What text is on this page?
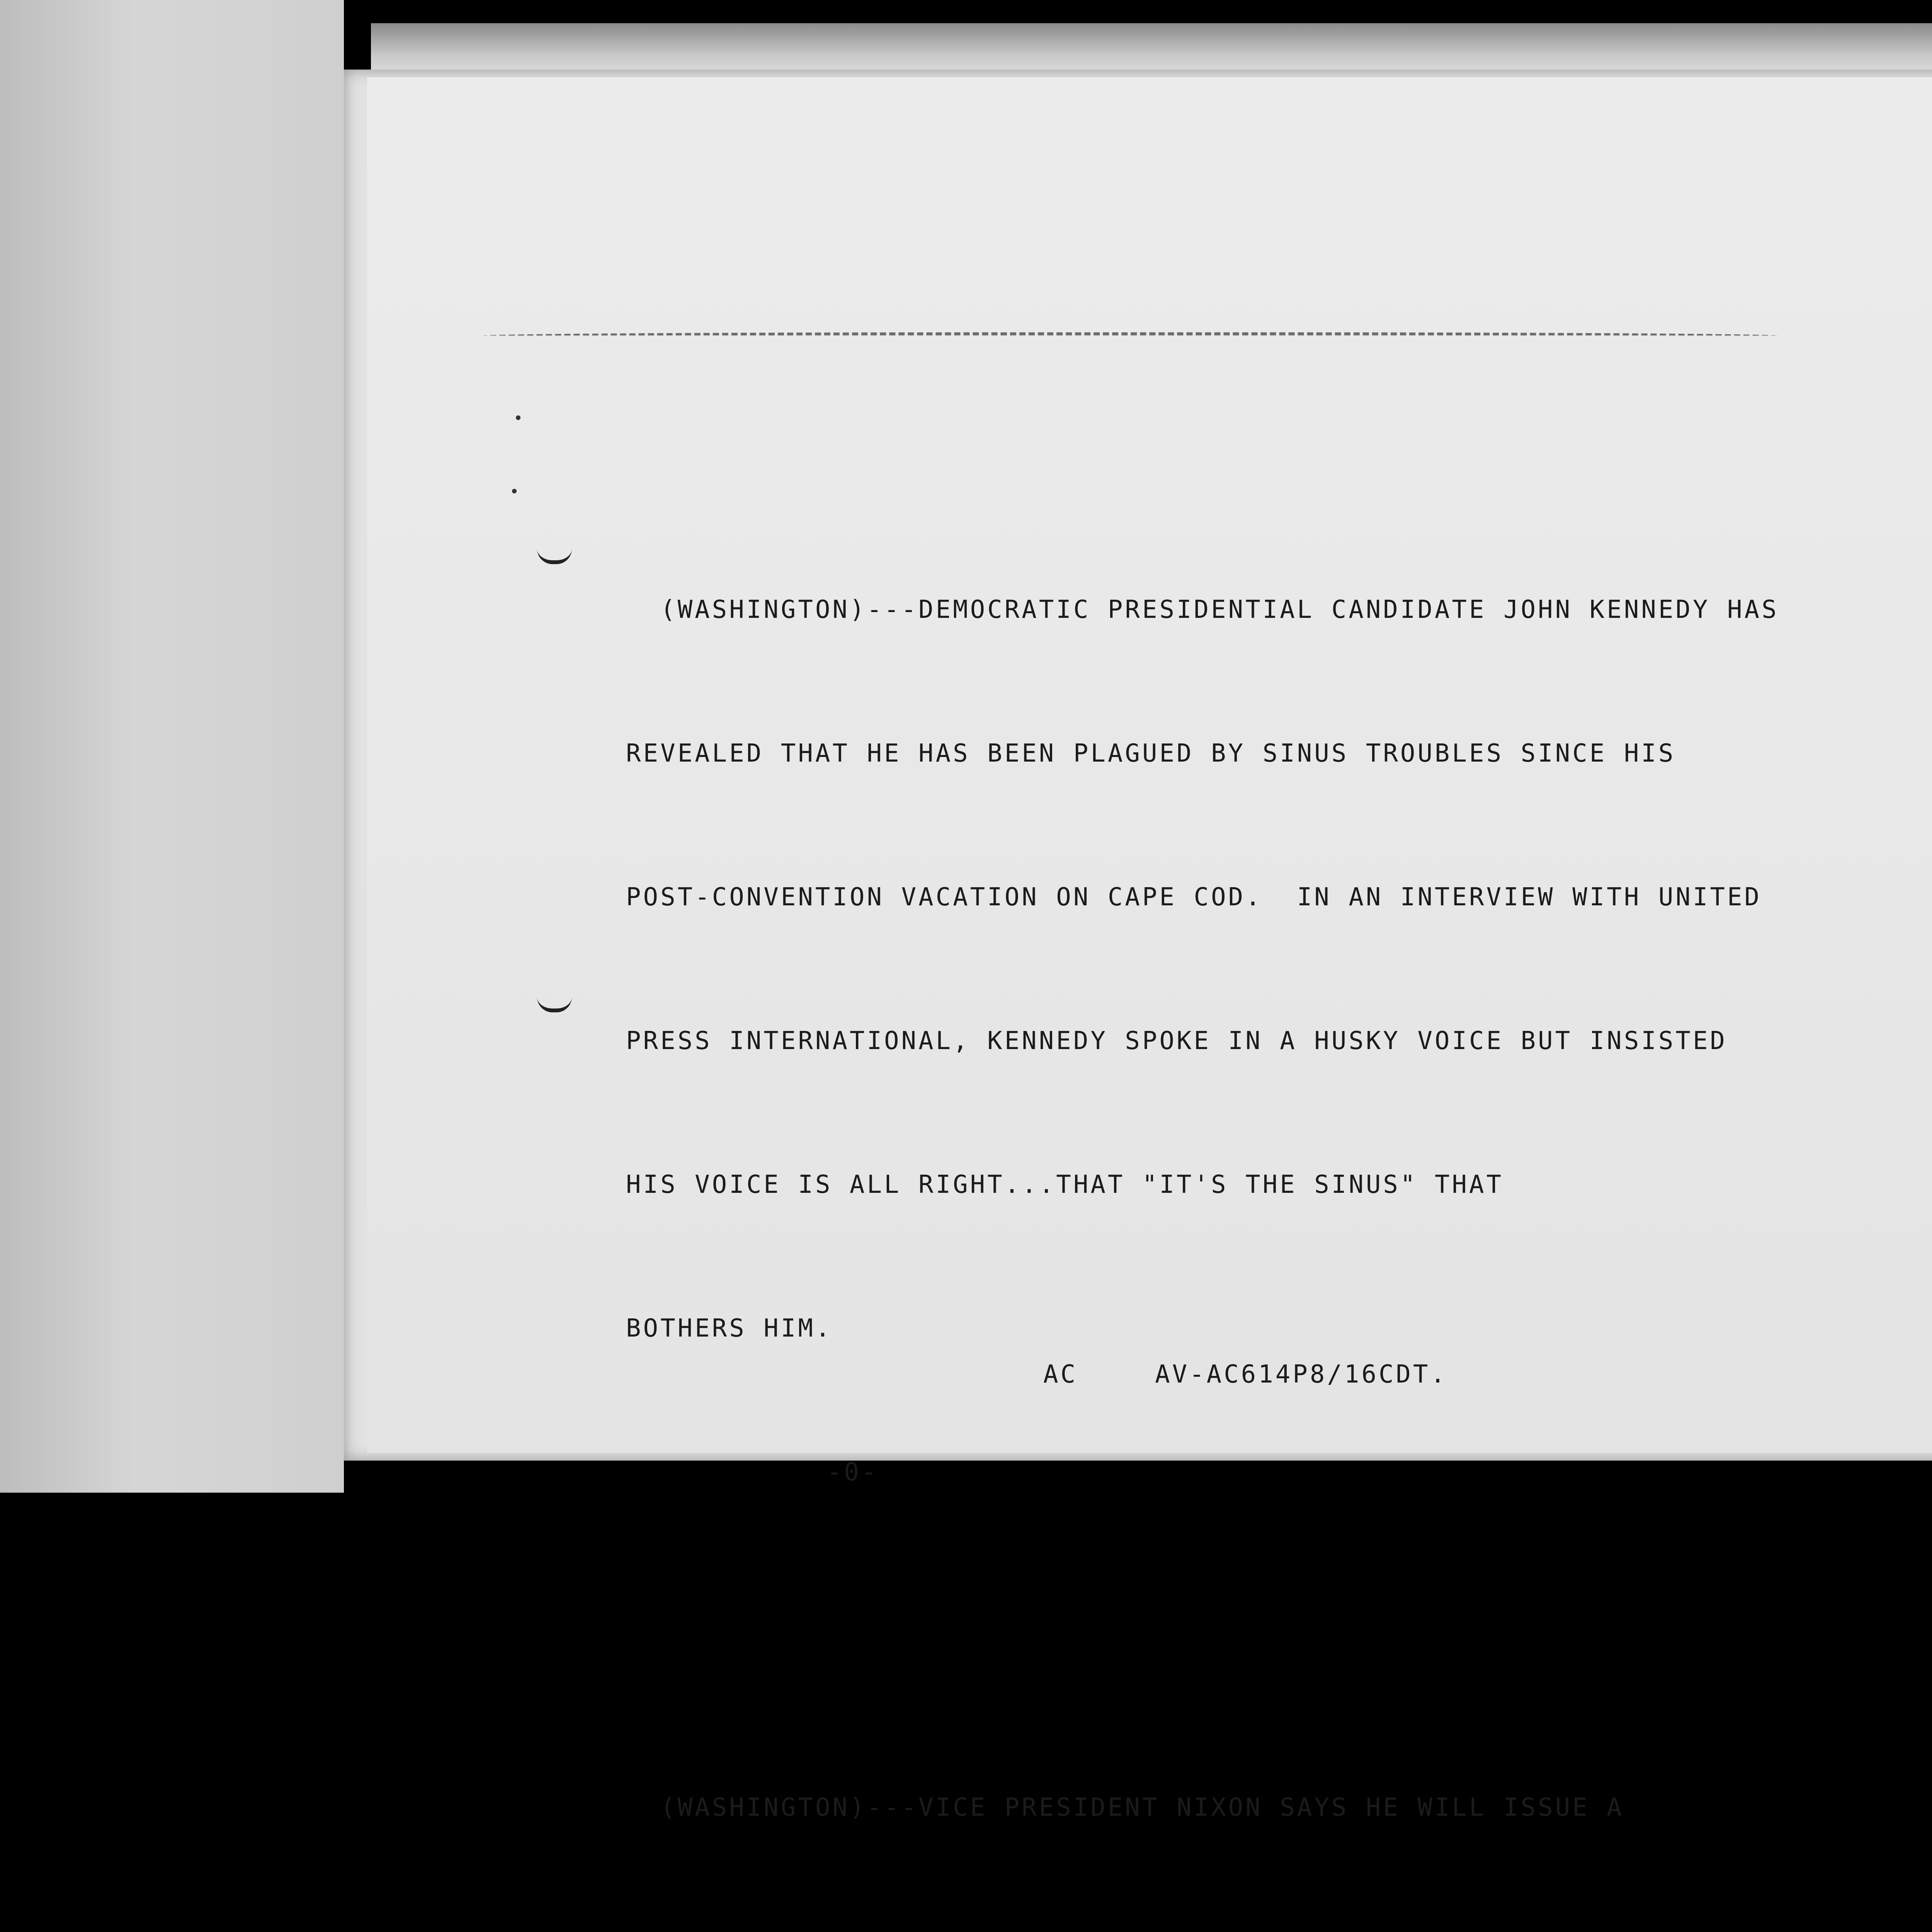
(WASHINGTON)---DEMOCRATIC PRESIDENTIAL CANDIDATE JOHN KENNEDY HAS

REVEALED THAT HE HAS BEEN PLAGUED BY SINUS TROUBLES SINCE HIS

POST-CONVENTION VACATION ON CAPE COD.  IN AN INTERVIEW WITH UNITED

PRESS INTERNATIONAL, KENNEDY SPOKE IN A HUSKY VOICE BUT INSISTED

HIS VOICE IS ALL RIGHT...THAT "IT'S THE SINUS" THAT

BOTHERS HIM.

-0-

(WASHINGTON)---VICE PRESIDENT NIXON SAYS HE WILL ISSUE A

AC	AV-AC614P8/16CDT.
